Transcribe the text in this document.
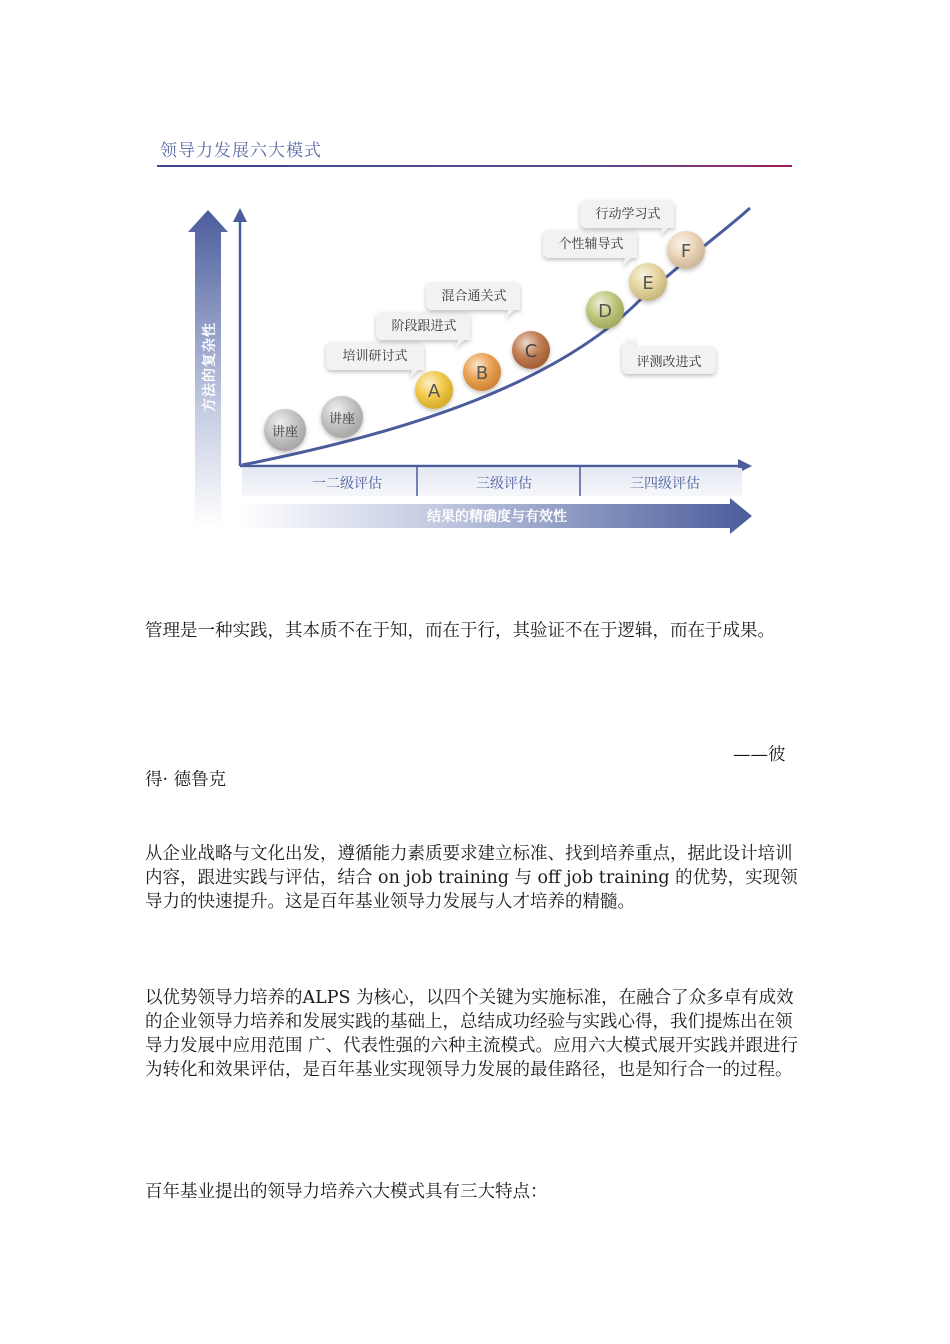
领导力发展六大模式
方法的复杂性
一二级评估	三级评估	三四级评估
结果的精确度与有效性
讲座
讲座
A
B
C
D
E
F
培训研讨式
阶段跟进式
混合通关式
个性辅导式
行动学习式
评测改进式

管理是一种实践，其本质不在于知，而在于行，其验证不在于逻辑，而在于成果。

——彼
得· 德鲁克

从企业战略与文化出发，遵循能力素质要求建立标准、找到培养重点，据此设计培训内容，跟进实践与评估，结合 on job training 与 off job training 的优势，实现领导力的快速提升。这是百年基业领导力发展与人才培养的精髓。

以优势领导力培养的ALPS 为核心，以四个关键为实施标准，在融合了众多卓有成效的企业领导力培养和发展实践的基础上，总结成功经验与实践心得，我们提炼出在领导力发展中应用范围 广、代表性强的六种主流模式。应用六大模式展开实践并跟进行为转化和效果评估，是百年基业实现领导力发展的最佳路径，也是知行合一的过程。

百年基业提出的领导力培养六大模式具有三大特点：
